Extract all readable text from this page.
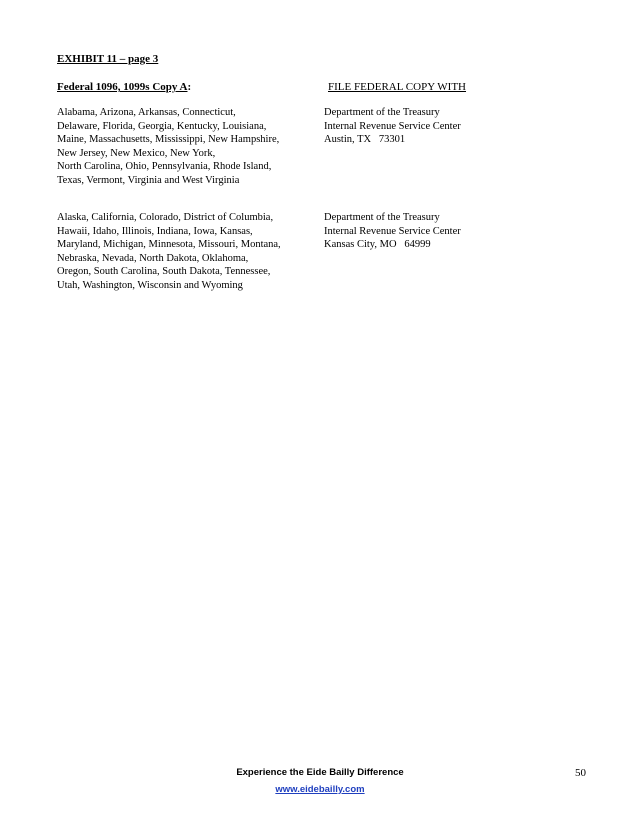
EXHIBIT 11 – page 3
Federal 1096, 1099s Copy A:	FILE FEDERAL COPY WITH
Alabama, Arizona, Arkansas, Connecticut,
Delaware, Florida, Georgia, Kentucky, Louisiana,
Maine, Massachusetts, Mississippi, New Hampshire,
New Jersey, New Mexico, New York,
North Carolina, Ohio, Pennsylvania, Rhode Island,
Texas, Vermont, Virginia and West Virginia
Department of the Treasury
Internal Revenue Service Center
Austin, TX   73301
Alaska, California, Colorado, District of Columbia,
Hawaii, Idaho, Illinois, Indiana, Iowa, Kansas,
Maryland, Michigan, Minnesota, Missouri, Montana,
Nebraska, Nevada, North Dakota, Oklahoma,
Oregon, South Carolina, South Dakota, Tennessee,
Utah, Washington, Wisconsin and Wyoming
Department of the Treasury
Internal Revenue Service Center
Kansas City, MO   64999
Experience the Eide Bailly Difference
www.eidebailly.com
50
